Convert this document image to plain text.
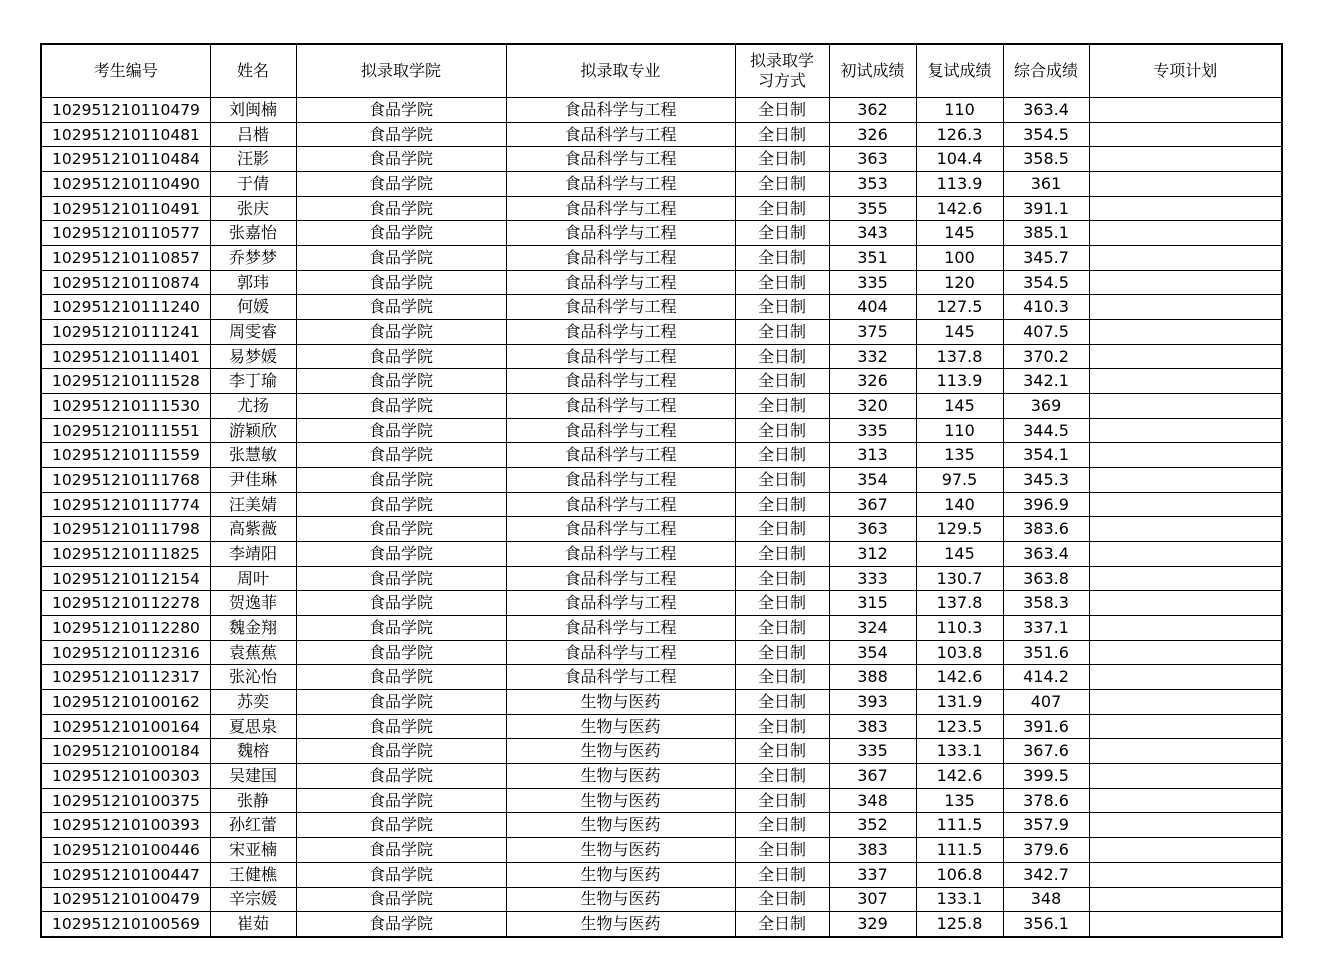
考生编号	姓名	拟录取学院	拟录取专业	拟录取学习方式	初试成绩	复试成绩	综合成绩	专项计划
102951210110479	刘闽楠	食品学院	食品科学与工程	全日制	362	110	363.4	
102951210110481	吕楷	食品学院	食品科学与工程	全日制	326	126.3	354.5	
102951210110484	汪影	食品学院	食品科学与工程	全日制	363	104.4	358.5	
102951210110490	于倩	食品学院	食品科学与工程	全日制	353	113.9	361	
102951210110491	张庆	食品学院	食品科学与工程	全日制	355	142.6	391.1	
102951210110577	张嘉怡	食品学院	食品科学与工程	全日制	343	145	385.1	
102951210110857	乔梦梦	食品学院	食品科学与工程	全日制	351	100	345.7	
102951210110874	郭玮	食品学院	食品科学与工程	全日制	335	120	354.5	
102951210111240	何媛	食品学院	食品科学与工程	全日制	404	127.5	410.3	
102951210111241	周雯睿	食品学院	食品科学与工程	全日制	375	145	407.5	
102951210111401	易梦媛	食品学院	食品科学与工程	全日制	332	137.8	370.2	
102951210111528	李丁瑜	食品学院	食品科学与工程	全日制	326	113.9	342.1	
102951210111530	尤扬	食品学院	食品科学与工程	全日制	320	145	369	
102951210111551	游颖欣	食品学院	食品科学与工程	全日制	335	110	344.5	
102951210111559	张慧敏	食品学院	食品科学与工程	全日制	313	135	354.1	
102951210111768	尹佳琳	食品学院	食品科学与工程	全日制	354	97.5	345.3	
102951210111774	汪美婧	食品学院	食品科学与工程	全日制	367	140	396.9	
102951210111798	高紫薇	食品学院	食品科学与工程	全日制	363	129.5	383.6	
102951210111825	李靖阳	食品学院	食品科学与工程	全日制	312	145	363.4	
102951210112154	周叶	食品学院	食品科学与工程	全日制	333	130.7	363.8	
102951210112278	贺逸菲	食品学院	食品科学与工程	全日制	315	137.8	358.3	
102951210112280	魏金翔	食品学院	食品科学与工程	全日制	324	110.3	337.1	
102951210112316	袁蕉蕉	食品学院	食品科学与工程	全日制	354	103.8	351.6	
102951210112317	张沁怡	食品学院	食品科学与工程	全日制	388	142.6	414.2	
102951210100162	苏奕	食品学院	生物与医药	全日制	393	131.9	407	
102951210100164	夏思泉	食品学院	生物与医药	全日制	383	123.5	391.6	
102951210100184	魏榕	食品学院	生物与医药	全日制	335	133.1	367.6	
102951210100303	吴建国	食品学院	生物与医药	全日制	367	142.6	399.5	
102951210100375	张静	食品学院	生物与医药	全日制	348	135	378.6	
102951210100393	孙红蕾	食品学院	生物与医药	全日制	352	111.5	357.9	
102951210100446	宋亚楠	食品学院	生物与医药	全日制	383	111.5	379.6	
102951210100447	王健樵	食品学院	生物与医药	全日制	337	106.8	342.7	
102951210100479	辛宗媛	食品学院	生物与医药	全日制	307	133.1	348	
102951210100569	崔茹	食品学院	生物与医药	全日制	329	125.8	356.1	
